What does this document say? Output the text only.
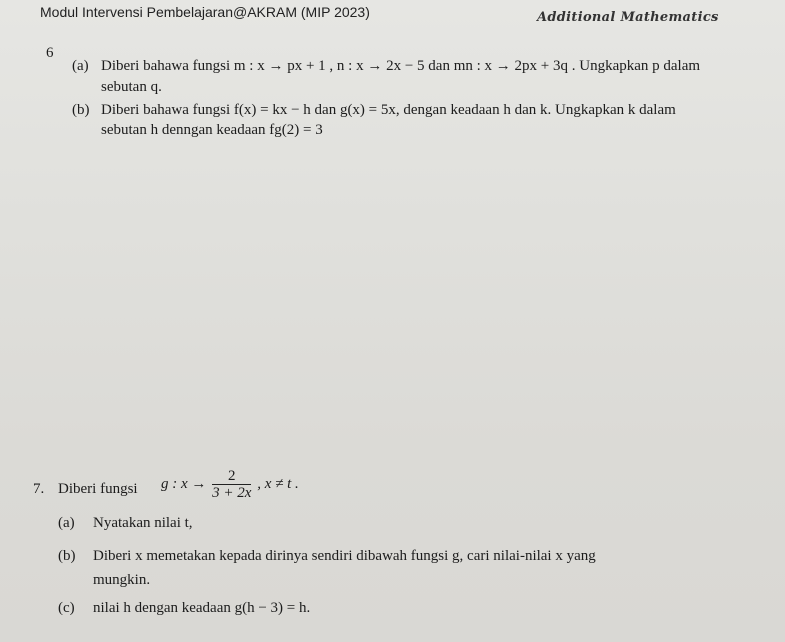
Modul Intervensi Pembelajaran@AKRAM (MIP 2023)	Additional Mathematics
6
(a) Diberi bahawa fungsi m : x → px + 1 , n : x → 2x − 5 dan mn : x → 2px + 3q . Ungkapkan p dalam
sebutan q.
(b) Diberi bahawa fungsi f(x) = kx − h dan g(x) = 5x, dengan keadaan h dan k. Ungkapkan k dalam
sebutan h denngan keadaan fg(2) = 3
7. Diberi fungsi g : $x \to \frac{2}{3 + 2x}$ , x ≠ t .
(a) Nyatakan nilai t,
(b) Diberi x memetakan kepada dirinya sendiri dibawah fungsi g, cari nilai-nilai x yang
mungkin.
(c) nilai h dengan keadaan g(h − 3) = h.
